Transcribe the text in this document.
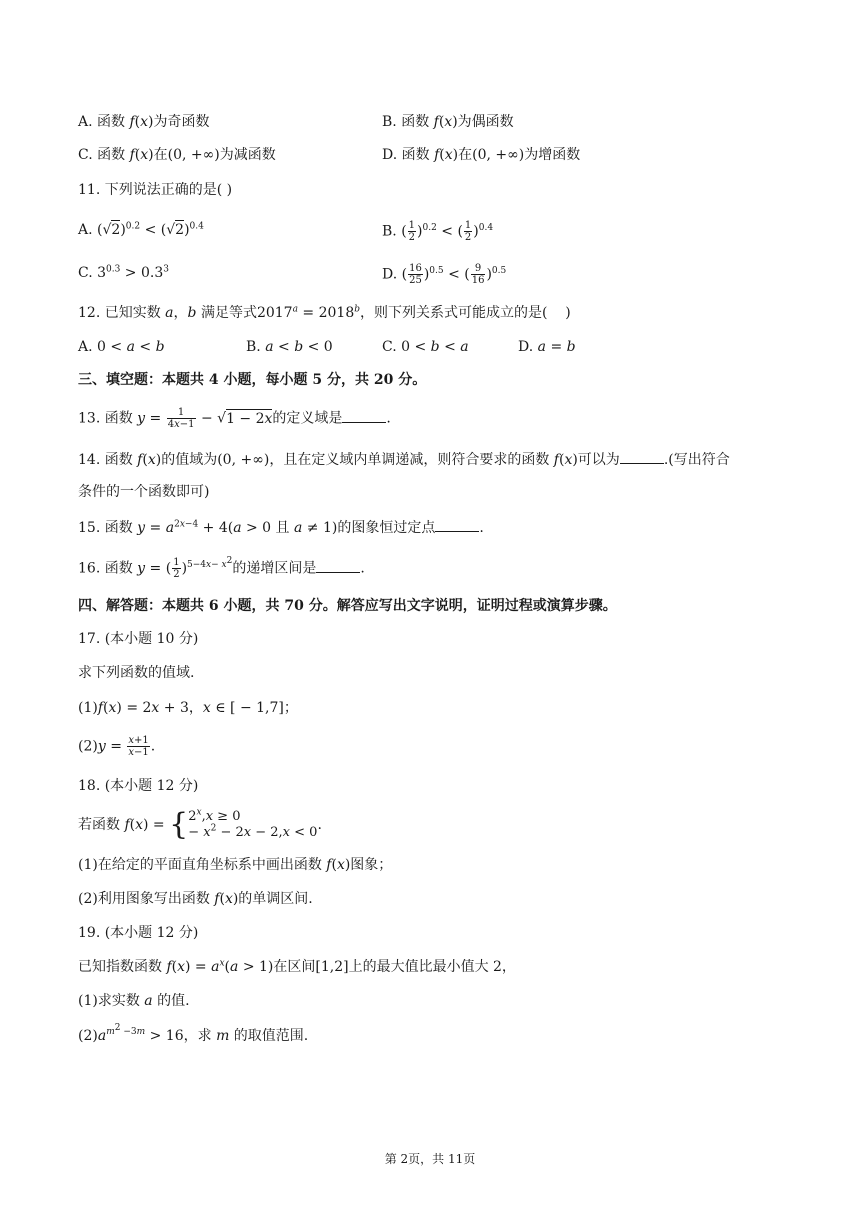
A. 函数 f(x)为奇函数	B. 函数 f(x)为偶函数
C. 函数 f(x)在(0, +∞)为减函数	D. 函数 f(x)在(0, +∞)为增函数
11. 下列说法正确的是( )
A. $(√2)^{0.2} < (√2)^{0.4}$	B. ( $\frac{1}{2} )^{0.2}$ < ( $\frac{1}{2} )^{0.4}$
C. $3^{0.3} > 0.3^3$	D. ( $\frac{16}{25} )^{0.5}$ < ( $\frac{9}{16} )^{0.5}$
12. 已知实数 a，b 满足等式$2017^a = 2018^b$，则下列关系式可能成立的是(    )
A. 0 < a < b	B. a < b < 0	C. 0 < b < a	D. a = b
三、填空题：本题共 4 小题，每小题 5 分，共 20 分。
13. 函数 $y = \frac{1}{4x-1} - √1 - 2x$的定义域是	.
14. 函数 f(x)的值域为(0, +∞)，且在定义域内单调递减，则符合要求的函数 f(x)可以为	.(写出符合
条件的一个函数即可)
15. 函数 $y = a^{2x-4} + 4(a > 0$ 且 a ≠ 1)的图象恒过定点	.
16. 函数 y = ( $\frac{1}{2} )^{5-4x- x^2}$的递增区间是	.
四、解答题：本题共 6 小题，共 70 分。解答应写出文字说明，证明过程或演算步骤。
17. (本小题 10 分)
求下列函数的值域.
(1)f(x) = 2x + 3，x ∈ [ − 1,7]；
$(2)y = \frac{x+1}{x-1}$ .
18. (本小题 12 分)
若函数 f(x) = { $2^x,x \ge 0$
− $x^2 - 2x - 2,x < 0$ .
(1)在给定的平面直角坐标系中画出函数 f(x)图象；
(2)利用图象写出函数 f(x)的单调区间.
19. (本小题 12 分)
已知指数函数 $f(x) = a^x(a > 1)$在区间[1,2]上的最大值比最小值大 2，
(1)求实数 a 的值.
$(2)a^{m^2 -3m} > 16$，求 m 的取值范围.
第 2页，共 11页
